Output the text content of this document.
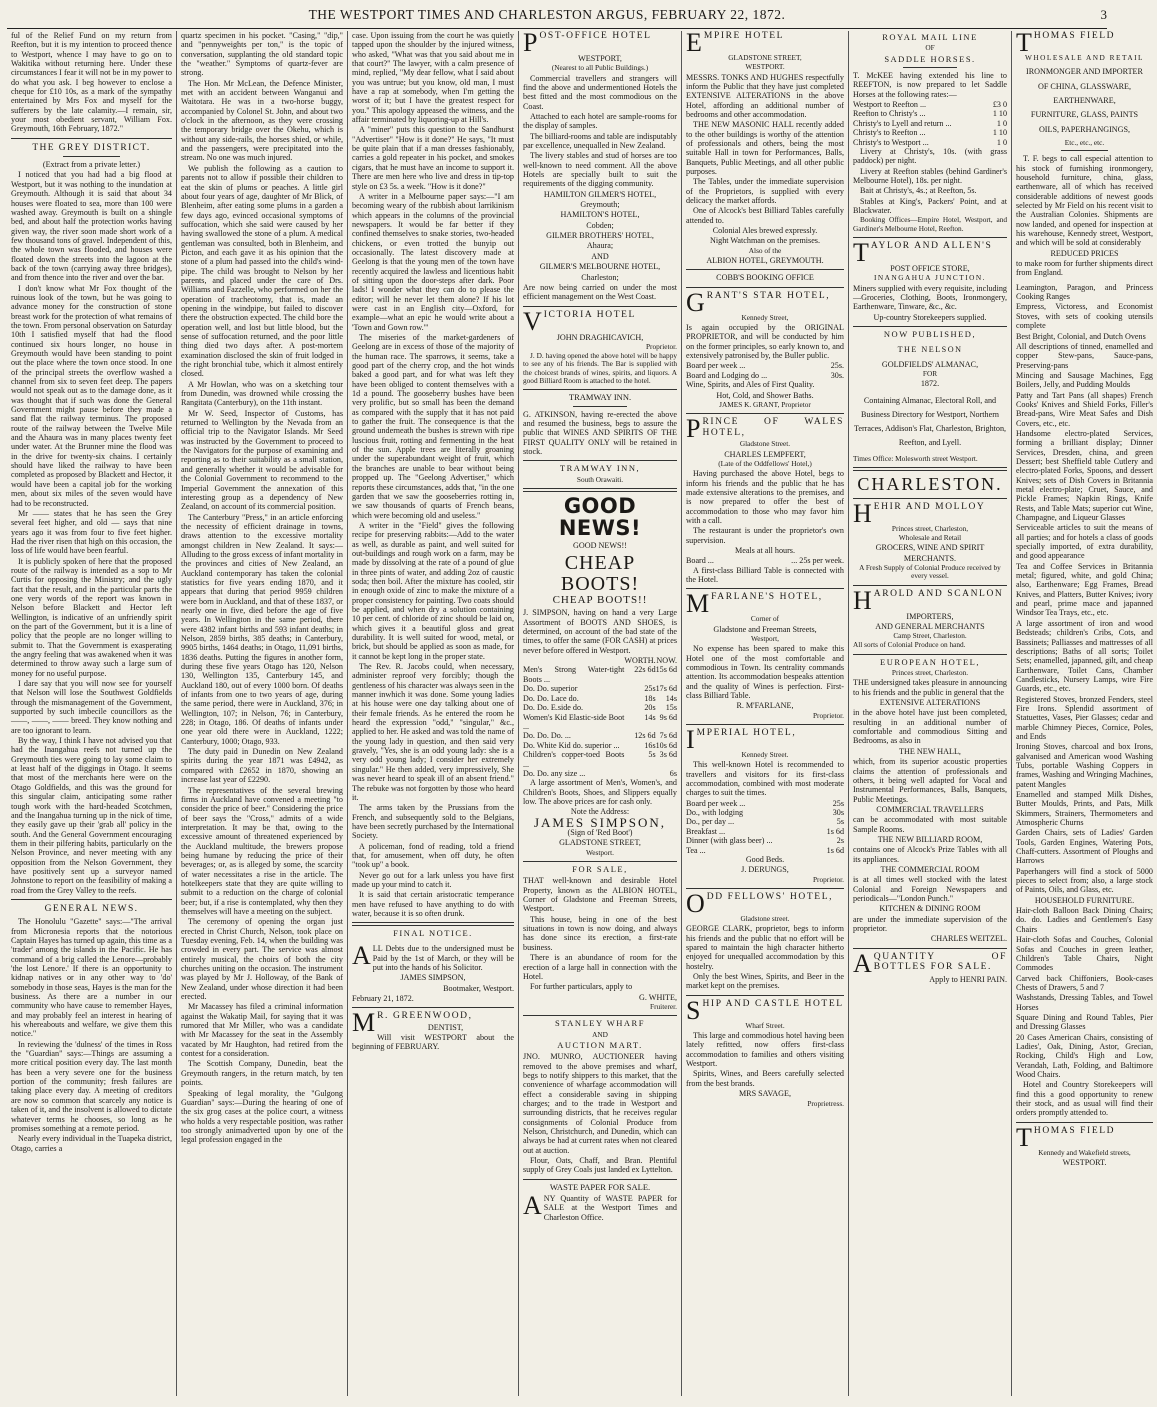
THE WESTPORT TIMES AND CHARLESTON ARGUS, FEBRUARY 22, 1872.	3

ful of the Relief Fund on my return from Reefton, but it is my intention to proceed thence to Westport, whence I may have to go on to Wakitika without returning here. Under these circumstances I fear it will not be in my power to do what you ask. I beg however to enclose a cheque for £10 10s, as a mark of the sympathy entertained by Mrs Fox and myself for the sufferers by the late calamity.—I remain, sir, your most obedient servant, William Fox. Greymouth, 16th February, 1872."

THE GREY DISTRICT.

(Extract from a private letter.)

I noticed that you had had a big flood at Westport, but it was nothing to the inundation at Greymouth. Although it is said that about 34 houses were floated to sea, more than 100 were washed away. Greymouth is built on a shingle bed, and about half the protection works having given way, the river soon made short work of a few thousand tons of gravel. Independent of this, the whole town was flooded, and houses were floated down the streets into the lagoon at the back of the town (carrying away three bridges), and from thence into the river and over the bar.

I don't know what Mr Fox thought of the ruinous look of the town, but he was going to advance money for the construction of stone breast work for the protection of what remains of the town. From personal observation on Saturday 10th I satisfied myself that had the flood continued six hours longer, no house in Greymouth would have been standing to point out the place where the town once stood. In one of the principal streets the overflow washed a channel from six to seven feet deep. The papers would not speak out as to the damage done, as it was thought that if such was done the General Government might pause before they made a sand flat the railway terminus. The proposed route of the railway between the Twelve Mile and the Ahaura was in many places twenty feet under water. At the Brunner mine the flood was in the drive for twenty-six chains. I certainly should have liked the railway to have been completed as proposed by Blackett and Hector, it would have been a capital job for the working men, about six miles of the seven would have had to be reconstructed.

Mr —— states that he has seen the Grey several feet higher, and old — says that nine years ago it was from four to five feet higher. Had the river risen that high on this occasion, the loss of life would have been fearful.

It is publicly spoken of here that the proposed route of the railway is intended as a sop to Mr Curtis for opposing the Ministry; and the ugly fact that the result, and in the particular parts the one very words of the report was known in Nelson before Blackett and Hector left Wellington, is indicative of an unfriendly spirit on the part of the Government, but it is a line of policy that the people are no longer willing to submit to. That the Government is exasperating the angry feeling that was awakened when it was determined to throw away such a large sum of money for no useful purpose.

I dare say that you will now see for yourself that Nelson will lose the Southwest Goldfields through the mismanagement of the Government, supported by such imbecile councillors as the ——, ——, —— breed. They know nothing and are too ignorant to learn.

By the way, I think I have not advised you that had the Inangahua reefs not turned up the Greymouth ties were going to lay some claim to at least half of the diggings in Otago. It seems that most of the merchants here were on the Otago Goldfields, and this was the ground for this singular claim, anticipating some rather tough work with the hard-headed Scotchmen, and the Inangahua turning up in the nick of time, they easily gave up their 'grab all' policy in the south. And the General Government encouraging them in their pilfering habits, particularly on the Nelson Province, and never meeting with any opposition from the Nelson Government, they have positively sent up a surveyor named Johnstone to report on the feasibility of making a road from the Grey Valley to the reefs.

GENERAL NEWS.

The Honolulu "Gazette" says:—"The arrival from Micronesia reports that the notorious Captain Hayes has turned up again, this time as a 'trader' among the islands in the Pacific. He has command of a brig called the Lenore—probably 'the lost Lenore.' If there is an opportunity to kidnap natives or in any other way to 'do' somebody in those seas, Hayes is the man for the business. As there are a number in our community who have cause to remember Hayes, and may probably feel an interest in hearing of his whereabouts and welfare, we give them this notice."

In reviewing the 'dulness' of the times in Ross the "Guardian" says:—Things are assuming a more critical position every day. The last month has been a very severe one for the business portion of the community; fresh failures are taking place every day. A meeting of creditors are now so common that scarcely any notice is taken of it, and the insolvent is allowed to dictate whatever terms he chooses, so long as he promises something at a remote period.

Nearly every individual in the Tuapeka district, Otago, carries a

quartz specimen in his pocket. "Casing," "dip," and "pennyweights per ton," is the topic of conversation, supplanting the old standard topic the "weather." Symptoms of quartz-fever are strong.

The Hon. Mr McLean, the Defence Minister, met with an accident between Wanganui and Waitotara. He was in a two-horse buggy, accompanied by Colonel St. John, and about two o'clock in the afternoon, as they were crossing the temporary bridge over the Okehu, which is without any side-rails, the horses shied, or while, and the passengers, were precipitated into the stream. No one was much injured.

We publish the following as a caution to parents not to allow if possible their children to eat the skin of plums or peaches. A little girl about four years of age, daughter of Mr Blick, of Blenheim, after eating some plums in a garden a few days ago, evinced occasional symptoms of suffocation, which she said were caused by her having swallowed the stone of a plum. A medical gentleman was consulted, both in Blenheim, and Picton, and each gave it as his opinion that the stone of a plum had passed into the child's wind-pipe. The child was brought to Nelson by her parents, and placed under the care of Drs. Williams and Fazzelle, who performed on her the operation of tracheotomy, that is, made an opening in the windpipe, but failed to discover there the obstruction expected. The child bore the operation well, and lost but little blood, but the sense of suffocation returned, and the poor little thing died two days after. A post-mortem examination disclosed the skin of fruit lodged in the right bronchial tube, which it almost entirely closed.

A Mr Howlan, who was on a sketching tour from Dunedin, was drowned while crossing the Rangitata (Canterbury), on the 11th instant.

Mr W. Seed, Inspector of Customs, has returned to Wellington by the Nevada from an official trip to the Navigator Islands. Mr Seed was instructed by the Government to proceed to the Navigators for the purpose of examining and reporting as to their suitability as a small station, and generally whether it would be advisable for the Colonial Government to recommend to the Imperial Government the annexation of this interesting group as a dependency of New Zealand, on account of its commercial position.

The Canterbury "Press," in an article enforcing the necessity of efficient drainage in towns, draws attention to the excessive mortality amongst children in New Zealand. It says:—Alluding to the gross excess of infant mortality in the provinces and cities of New Zealand, an Auckland contemporary has taken the colonial statistics for five years ending 1870, and it appears that during that period 9959 children were born in Auckland, and that of these 1837, or nearly one in five, died before the age of five years. In Wellington in the same period, there were 4382 infant births and 593 infant deaths; in Nelson, 2859 births, 385 deaths; in Canterbury, 9905 births, 1464 deaths; in Otago, 11,091 births, 1836 deaths. Putting the figures in another form, during these five years Otago has 120, Nelson 130, Wellington 135, Canterbury 145, and Auckland 180, out of every 1000 born. Of deaths of infants from one to two years of age, during the same period, there were in Auckland, 376; in Wellington, 107; in Nelson, 76; in Canterbury, 228; in Otago, 186. Of deaths of infants under one year old there were in Auckland, 1222; Canterbury, 1000; Otago, 933.

The duty paid in Dunedin on New Zealand spirits during the year 1871 was £4942, as compared with £2652 in 1870, showing an increase last year of £2290.

The representatives of the several brewing firms in Auckland have convened a meeting "to consider the price of beer." Considering the price of beer says the "Cross," admits of a wide interpretation. It may be that, owing to the excessive amount of threatened experienced by the Auckland multitude, the brewers propose being humane by reducing the price of their beverages; or, as is alleged by some, the scarcity of water necessitates a rise in the article. The hotelkeepers state that they are quite willing to submit to a reduction on the charge of colonial beer; but, if a rise is contemplated, why then they themselves will have a meeting on the subject.

The ceremony of opening the organ just erected in Christ Church, Nelson, took place on Tuesday evening, Feb. 14, when the building was crowded in every part. The service was almost entirely musical, the choirs of both the city churches uniting on the occasion. The instrument was played by Mr J. Holloway, of the Bank of New Zealand, under whose direction it had been erected.

Mr Macassey has filed a criminal information against the Wakatip Mail, for saying that it was rumored that Mr Miller, who was a candidate with Mr Macassey for the seat in the Assembly vacated by Mr Haughton, had retired from the contest for a consideration.

The Scottish Company, Dunedin, beat the Greymouth rangers, in the return match, by ten points.

Speaking of legal morality, the "Gulgong Guardian" says:—During the hearing of one of the six grog cases at the police court, a witness who holds a very respectable position, was rather too strongly animadverted upon by one of the legal profession engaged in the

case. Upon issuing from the court he was quietly tapped upon the shoulder by the injured witness, who asked, "What was that you said about me in that court?" The lawyer, with a calm presence of mind, replied, "My dear fellow, what I said about you was untrue; but you know, old man, I must have a rap at somebody, when I'm getting the worst of it; but I have the greatest respect for you." This apology appeased the witness, and the affair terminated by liquoring-up at Hill's.

A "miner" puts this question to the Sandhurst "Advertiser" "How is it done?" He says, "It must be quite plain that if a man dresses fashionably, carries a gold repeater in his pocket, and smokes cigars, that he must have an income to support it. There are men here who live and dress in tip-top style on £3 5s. a week. "How is it done?"

A writer in a Melbourne paper says:—"I am becoming weary of the rubbish about larrikinism which appears in the columns of the provincial newspapers. It would be far better if they confined themselves to snake stories, two-headed chickens, or even trotted the bunyip out occasionally. The latest discovery made at Geelong is that the young men of the town have recently acquired the lawless and licentious habit of sitting upon the door-steps after dark. Poor lads! I wonder what they can do to please the editor; will he never let them alone? If his lot were cast in an English city—Oxford, for example—what an epic he would write about a 'Town and Gown row.'"

The miseries of the market-gardeners of Geelong are in excess of those of the majority of the human race. The sparrows, it seems, take a good part of the cherry crop, and the hot winds baked a good part, and for what was left they have been obliged to content themselves with a 1d a pound. The gooseberry bushes have been very prolific, but so small has been the demand as compared with the supply that it has not paid to gather the fruit. The consequence is that the ground underneath the bushes is strewn with ripe luscious fruit, rotting and fermenting in the heat of the sun. Apple trees are literally groaning under the superabundant weight of fruit, which the branches are unable to bear without being propped up. The "Geelong Advertiser," which reports these circumstances, adds that, "in the one garden that we saw the gooseberries rotting in, we saw thousands of quarts of French beans, which were becoming old and useless."

A writer in the "Field" gives the following recipe for preserving rabbits:—Add to the water as well, as durable as paint, and well suited for out-buildings and rough work on a farm, may be made by dissolving at the rate of a pound of glue in three pints of water, and adding 2oz of caustic soda; then boil. After the mixture has cooled, stir in enough oxide of zinc to make the mixture of a proper consistency for painting. Two coats should be applied, and when dry a solution containing 10 per cent. of chloride of zinc should be laid on, which gives it a beautiful gloss and great durability. It is well suited for wood, metal, or brick, but should be applied as soon as made, for it cannot be kept long in the proper state.

The Rev. R. Jacobs could, when necessary, administer reproof very forcibly; though the gentleness of his character was always seen in the manner inwhich it was done. Some young ladies at his house were one day talking about one of their female friends. As he entered the room he heard the expression "odd," "singular," &c., applied to her. He asked and was told the name of the young lady in question, and then said very gravely, "Yes, she is an odd young lady: she is a very odd young lady; I consider her extremely singular." He then added, very impressively, She was never heard to speak ill of an absent friend." The rebuke was not forgotten by those who heard it.

The arms taken by the Prussians from the French, and subsequently sold to the Belgians, have been secretly purchased by the International Society.

A policeman, fond of reading, told a friend that, for amusement, when off duty, he often "took up" a book.

Never go out for a lark unless you have first made up your mind to catch it.

It is said that certain aristocratic temperance men have refused to have anything to do with water, because it is so often drunk.

FINAL NOTICE.

ALL Debts due to the undersigned must be Paid by the 1st of March, or they will be put into the hands of his Solicitor.

JAMES SIMPSON,

Bootmaker, Westport.

February 21, 1872.

M R. GREENWOOD,

DENTIST,

Will visit WESTPORT about the beginning of FEBRUARY.

POST-OFFICE HOTEL

WESTPORT,

(Nearest to all Public Buildings.)

Commercial travellers and strangers will find the above and undermentioned Hotels the best fitted and the most commodious on the Coast.

Attached to each hotel are sample-rooms for the display of samples.

The billiard-rooms and table are indisputably par excellence, unequalled in New Zealand.

The livery stables and stud of horses are too well-known to need comment. All the above Hotels are specially built to suit the requirements of the digging community.

HAMILTON GILMER'S HOTEL,

Greymouth;

HAMILTON'S HOTEL,

Cobden;

GILMER BROTHERS' HOTEL,

Ahaura;

AND

GILMER'S MELBOURNE HOTEL,

Charleston;

Are now being carried on under the most efficient management on the West Coast.

VICTORIA HOTEL

JOHN DRAGHICAVICH,

Proprietor.

J. D. having opened the above hotel will be happy to see any of his friends. The Bar is supplied with the choicest brands of wines, spirits, and liquors. A good Billiard Room is attached to the hotel.

TRAMWAY INN.

G. ATKINSON, having re-erected the above and resumed the business, begs to assure the public that WINES AND SPIRITS OF THE FIRST QUALITY ONLY will be retained in stock.

TRAMWAY INN,

South Orawaiti.

GOOD NEWS!

GOOD NEWS!!

CHEAP BOOTS!
CHEAP BOOTS!!

J. SIMPSON, having on hand a very Large Assortment of BOOTS AND SHOES, is determined, on account of the bad state of the times, to offer the same (FOR CASH) at prices never before offered in Westport.

	WORTH.	NOW.
Men's Strong Water-tight Boots ...	22s 6d	15s 6d
Do. Do. superior	25s	17s 6d
Do. Do. Lace do.	18s	14s
Do. Do. E.side do.	20s	15s
Women's Kid Elastic-side Boot ...	14s	9s 6d
Do. Do. Do. ...	12s 6d	7s 6d
Do. White Kid do. superior ...	16s	10s 6d
Children's copper-toed Boots ...	5s	3s 6d
Do. Do. any size ...		6s

A large assortment of Men's, Women's, and Children's Boots, Shoes, and Slippers equally low. The above prices are for cash only.

Note the Address:

JAMES SIMPSON,

(Sign of 'Red Boot')

GLADSTONE STREET,

Westport.

FOR SALE,

THAT well-known and desirable Hotel Property, known as the ALBION HOTEL, Corner of Gladstone and Freeman Streets, Westport.

This house, being in one of the best situations in town is now doing, and always has done since its erection, a first-rate business.

There is an abundance of room for the erection of a large hall in connection with the Hotel.

For further particulars, apply to

G. WHITE,

Fruiterer.

STANLEY WHARF

AND

AUCTION MART.

JNO. MUNRO, AUCTIONEER having removed to the above premises and wharf, begs to notify shippers to this market, that the convenience of wharfage accommodation will effect a considerable saving in shipping charges; and to the trade in Westport and surrounding districts, that he receives regular consignments of Colonial Produce from Nelson, Christchurch, and Dunedin, which can always be had at current rates when not cleared out at auction.

Flour, Oats, Chaff, and Bran. Plentiful supply of Grey Coals just landed ex Lyttelton.

WASTE PAPER FOR SALE.

ANY Quantity of WASTE PAPER for SALE at the Westport Times and Charleston Office.

EMPIRE HOTEL

GLADSTONE STREET,

WESTPORT.

MESSRS. TONKS AND HUGHES respectfully inform the Public that they have just completed EXTENSIVE ALTERATIONS in the above Hotel, affording an additional number of bedrooms and other accommodation.

THE NEW MASONIC HALL recently added to the other buildings is worthy of the attention of professionals and others, being the most suitable Hall in town for Performances, Balls, Banquets, Public Meetings, and all other public purposes.

The Tables, under the immediate supervision of the Proprietors, is supplied with every delicacy the market affords.

One of Alcock's best Billiard Tables carefully attended to.

Colonial Ales brewed expressly.

Night Watchman on the premises.

Also of the

ALBION HOTEL, GREYMOUTH.

COBB'S BOOKING OFFICE

GRANT'S STAR HOTEL,

Kennedy Street,

Is again occupied by the ORIGINAL PROPRIETOR, and will be conducted by him on the former principles, so early known to, and extensively patronised by, the Buller public.

Board per week ...	25s.
Board and Lodging do ...	30s.

Wine, Spirits, and Ales of First Quality.

Hot, Cold, and Shower Baths.

JAMES K. GRANT, Proprietor

PRINCE OF WALES HOTEL,

Gladstone Street.

CHARLES LEMPFERT,

(Late of the Oddfellows' Hotel,)

Having purchased the above Hotel, begs to inform his friends and the public that he has made extensive alterations to the premises, and is now prepared to offer the best of accommodation to those who may favor him with a call.

The restaurant is under the proprietor's own supervision.

Meals at all hours.

Board ...	... 25s per week.

A first-class Billiard Table is connected with the Hotel.

MFARLANE'S HOTEL,

Corner of

Gladstone and Freeman Streets,

Westport,

No expense has been spared to make this Hotel one of the most comfortable and commodious in Town. Its centrality commands attention. Its accommodation bespeaks attention and the quality of Wines is perfection. First-class Billiard Table.

R. M'FARLANE,

Proprietor.

IMPERIAL HOTEL,

Kennedy Street.

This well-known Hotel is recommended to travellers and visitors for its first-class accommodation, combined with most moderate charges to suit the times.

Board per week ...	25s
Do., with lodging	30s
Do., per day ...	5s
Breakfast ...	1s 6d
Dinner (with glass beer) ...	2s
Tea ...	1s 6d

Good Beds.

J. DERUNGS,

Proprietor.

ODD FELLOWS' HOTEL,

Gladstone street.

GEORGE CLARK, proprietor, begs to inform his friends and the public that no effort will be spared to maintain the high character hitherto enjoyed for unequalled accommodation by this hostelry.

Only the best Wines, Spirits, and Beer in the market kept on the premises.

SHIP AND CASTLE HOTEL

Wharf Street.

This large and commodious hotel having been lately refitted, now offers first-class accommodation to families and others visiting Westport.

Spirits, Wines, and Beers carefully selected from the best brands.

MRS SAVAGE,

Proprietress.

ROYAL MAIL LINE

OF

SADDLE HORSES.

T. McKEE having extended his line to REEFTON, is now prepared to let Saddle Horses at the following rates:—

Westport to Reefton ...	£3 0
Reefton to Christy's ...	1 10
Christy's to Lyell and return ...	1 0
Christy's to Reefton ...	1 10
Christy's to Westport ...	1 0

Livery at Christy's, 10s. (with grass paddock) per night.

Livery at Reefton stables (behind Gardiner's Melbourne Hotel), 18s. per night.

Bait at Christy's, 4s.; at Reefton, 5s.

Stables at King's, Packers' Point, and at Blackwater.

Booking Offices—Empire Hotel, Westport, and Gardiner's Melbourne Hotel, Reefton.

TAYLOR AND ALLEN'S

POST OFFICE STORE,

INANGAHUA JUNCTION.

Miners supplied with every requisite, including—Groceries, Clothing, Boots, Ironmongery, Earthenware, Tinware, &c., &c.

Up-country Storekeepers supplied.

NOW PUBLISHED,

THE NELSON

GOLDFIELDS' ALMANAC,

FOR

1872.

Containing Almanac, Electoral Roll, and Business Directory for Westport, Northern Terraces, Addison's Flat, Charleston, Brighton, Reefton, and Lyell.

Times Office: Molesworth street Westport.

CHARLESTON.

HEHIR AND MOLLOY

Princes street, Charleston,

Wholesale and Retail

GROCERS, WINE AND SPIRIT

MERCHANTS.

A Fresh Supply of Colonial Produce received by every vessel.

HAROLD AND SCANLON

IMPORTERS,

AND GENERAL MERCHANTS

Camp Street, Charleston.

All sorts of Colonial Produce on hand.

EUROPEAN HOTEL,

Princes street, Charleston.

THE undersigned takes pleasure in announcing to his friends and the public in general that the

EXTENSIVE ALTERATIONS

in the above hotel have just been completed, resulting in an additional number of comfortable and commodious Sitting and Bedrooms, as also in

THE NEW HALL,

which, from its superior acoustic properties claims the attention of professionals and others, it being well adapted for Vocal and Instrumental Performances, Balls, Banquets, Public Meetings.

COMMERCIAL TRAVELLERS

can be accommodated with most suitable Sample Rooms.

THE NEW BILLIARD ROOM,

contains one of Alcock's Prize Tables with all its appliances.

THE COMMERCIAL ROOM

is at all times well stocked with the latest Colonial and Foreign Newspapers and periodicals—"London Punch."

KITCHEN & DINING ROOM

are under the immediate supervision of the proprietor.

CHARLES WEITZEL.

AQUANTITY OF BOTTLES FOR SALE.

Apply to HENRI PAIN.

THOMAS FIELD

WHOLESALE AND RETAIL

IRONMONGER AND IMPORTER

OF CHINA, GLASSWARE,

EARTHENWARE,

FURNITURE, GLASS, PAINTS

OILS, PAPERHANGINGS,

Etc., etc., etc.

T. F. begs to call especial attention to his stock of furnishing ironmongery, household furniture, china, glass, earthenware, all of which has received considerable additions of newest goods selected by Mr Field on his recent visit to the Australian Colonies. Shipments are now landed, and opened for inspection at his warehouse, Kennedy street, Westport, and which will be sold at considerably

REDUCED PRICES

to make room for further shipments direct from England.

Leamington, Paragon, and Princess Cooking Ranges

Empress, Victoress, and Economist Stoves, with sets of cooking utensils complete

Best Bright, Colonial, and Dutch Ovens

All descriptions of tinned, enamelled and copper Stew-pans, Sauce-pans, Preserving-pans

Mincing and Sausage Machines, Egg Boilers, Jelly, and Pudding Moulds

Patty and Tart Pans (all shapes) French Cooks' Knives and Shield Forks, Filler's Bread-pans, Wire Meat Safes and Dish Covers, etc., etc.

Handsome electro-plated Services, forming a brilliant display; Dinner Services, Dresden, china, and green Dessert; best Sheffield table Cutlery and electro-plated Forks, Spoons, and dessert Knives; sets of Dish Covers in Britannia metal electro-plate; Cruet, Sauce, and Pickle Frames; Napkin Rings, Knife Rests, and Table Mats; superior cut Wine, Champagne, and Liqueur Glasses

Serviceable articles to suit the means of all parties; and for hotels a class of goods specially imported, of extra durability, and good appearance

Tea and Coffee Services in Britannia metal; figured, white, and gold China; also, Earthenware; Egg Frames, Bread Knives, and Platters, Butter Knives; ivory and pearl, prime mace and japanned Windsor Tea Trays, etc., etc.

A large assortment of iron and wood Bedsteads; children's Cribs, Cots, and Bassinets; Palliasses and mattresses of all descriptions; Baths of all sorts; Toilet Sets; enamelled, japanned, gilt, and cheap Earthenware, Toilet Cans, Chamber Candlesticks, Nursery Lamps, wire Fire Guards, etc., etc.

Registered Stoves, bronzed Fenders, steel Fire Irons. Splendid assortment of Statuettes, Vases, Pier Glasses; cedar and marble Chimney Pieces, Cornice, Poles, and Ends

Ironing Stoves, charcoal and box Irons, galvanised and American wood Washing Tubs, portable Washing Coppers in frames, Washing and Wringing Machines, patent Mangles

Enamelled and stamped Milk Dishes, Butter Moulds, Prints, and Pats, Milk Skimmers, Strainers, Thermometers and Atmospheric Churns

Garden Chairs, sets of Ladies' Garden Tools, Garden Engines, Watering Pots, Chaff-cutters. Assortment of Ploughs and Harrows

Paperhangers will find a stock of 5000 pieces to select from; also, a large stock of Paints, Oils, and Glass, etc.

HOUSEHOLD FURNITURE.

Hair-cloth Balloon Back Dining Chairs; do. do. Ladies and Gentlemen's Easy Chairs

Hair-cloth Sofas and Couches, Colonial Sofas and Couches in green leather, Children's Table Chairs, Night Commodes

Carved back Chiffoniers, Book-cases Chests of Drawers, 5 and 7

Washstands, Dressing Tables, and Towel Horses

Square Dining and Round Tables, Pier and Dressing Glasses

20 Cases American Chairs, consisting of Ladies', Oak, Dining, Astor, Grecian, Rocking, Child's High and Low, Verandah, Lath, Folding, and Baltimore Wood Chairs.

Hotel and Country Storekeepers will find this a good opportunity to renew their stock, and as usual will find their orders promptly attended to.

THOMAS FIELD

Kennedy and Wakefield streets,

WESTPORT.
